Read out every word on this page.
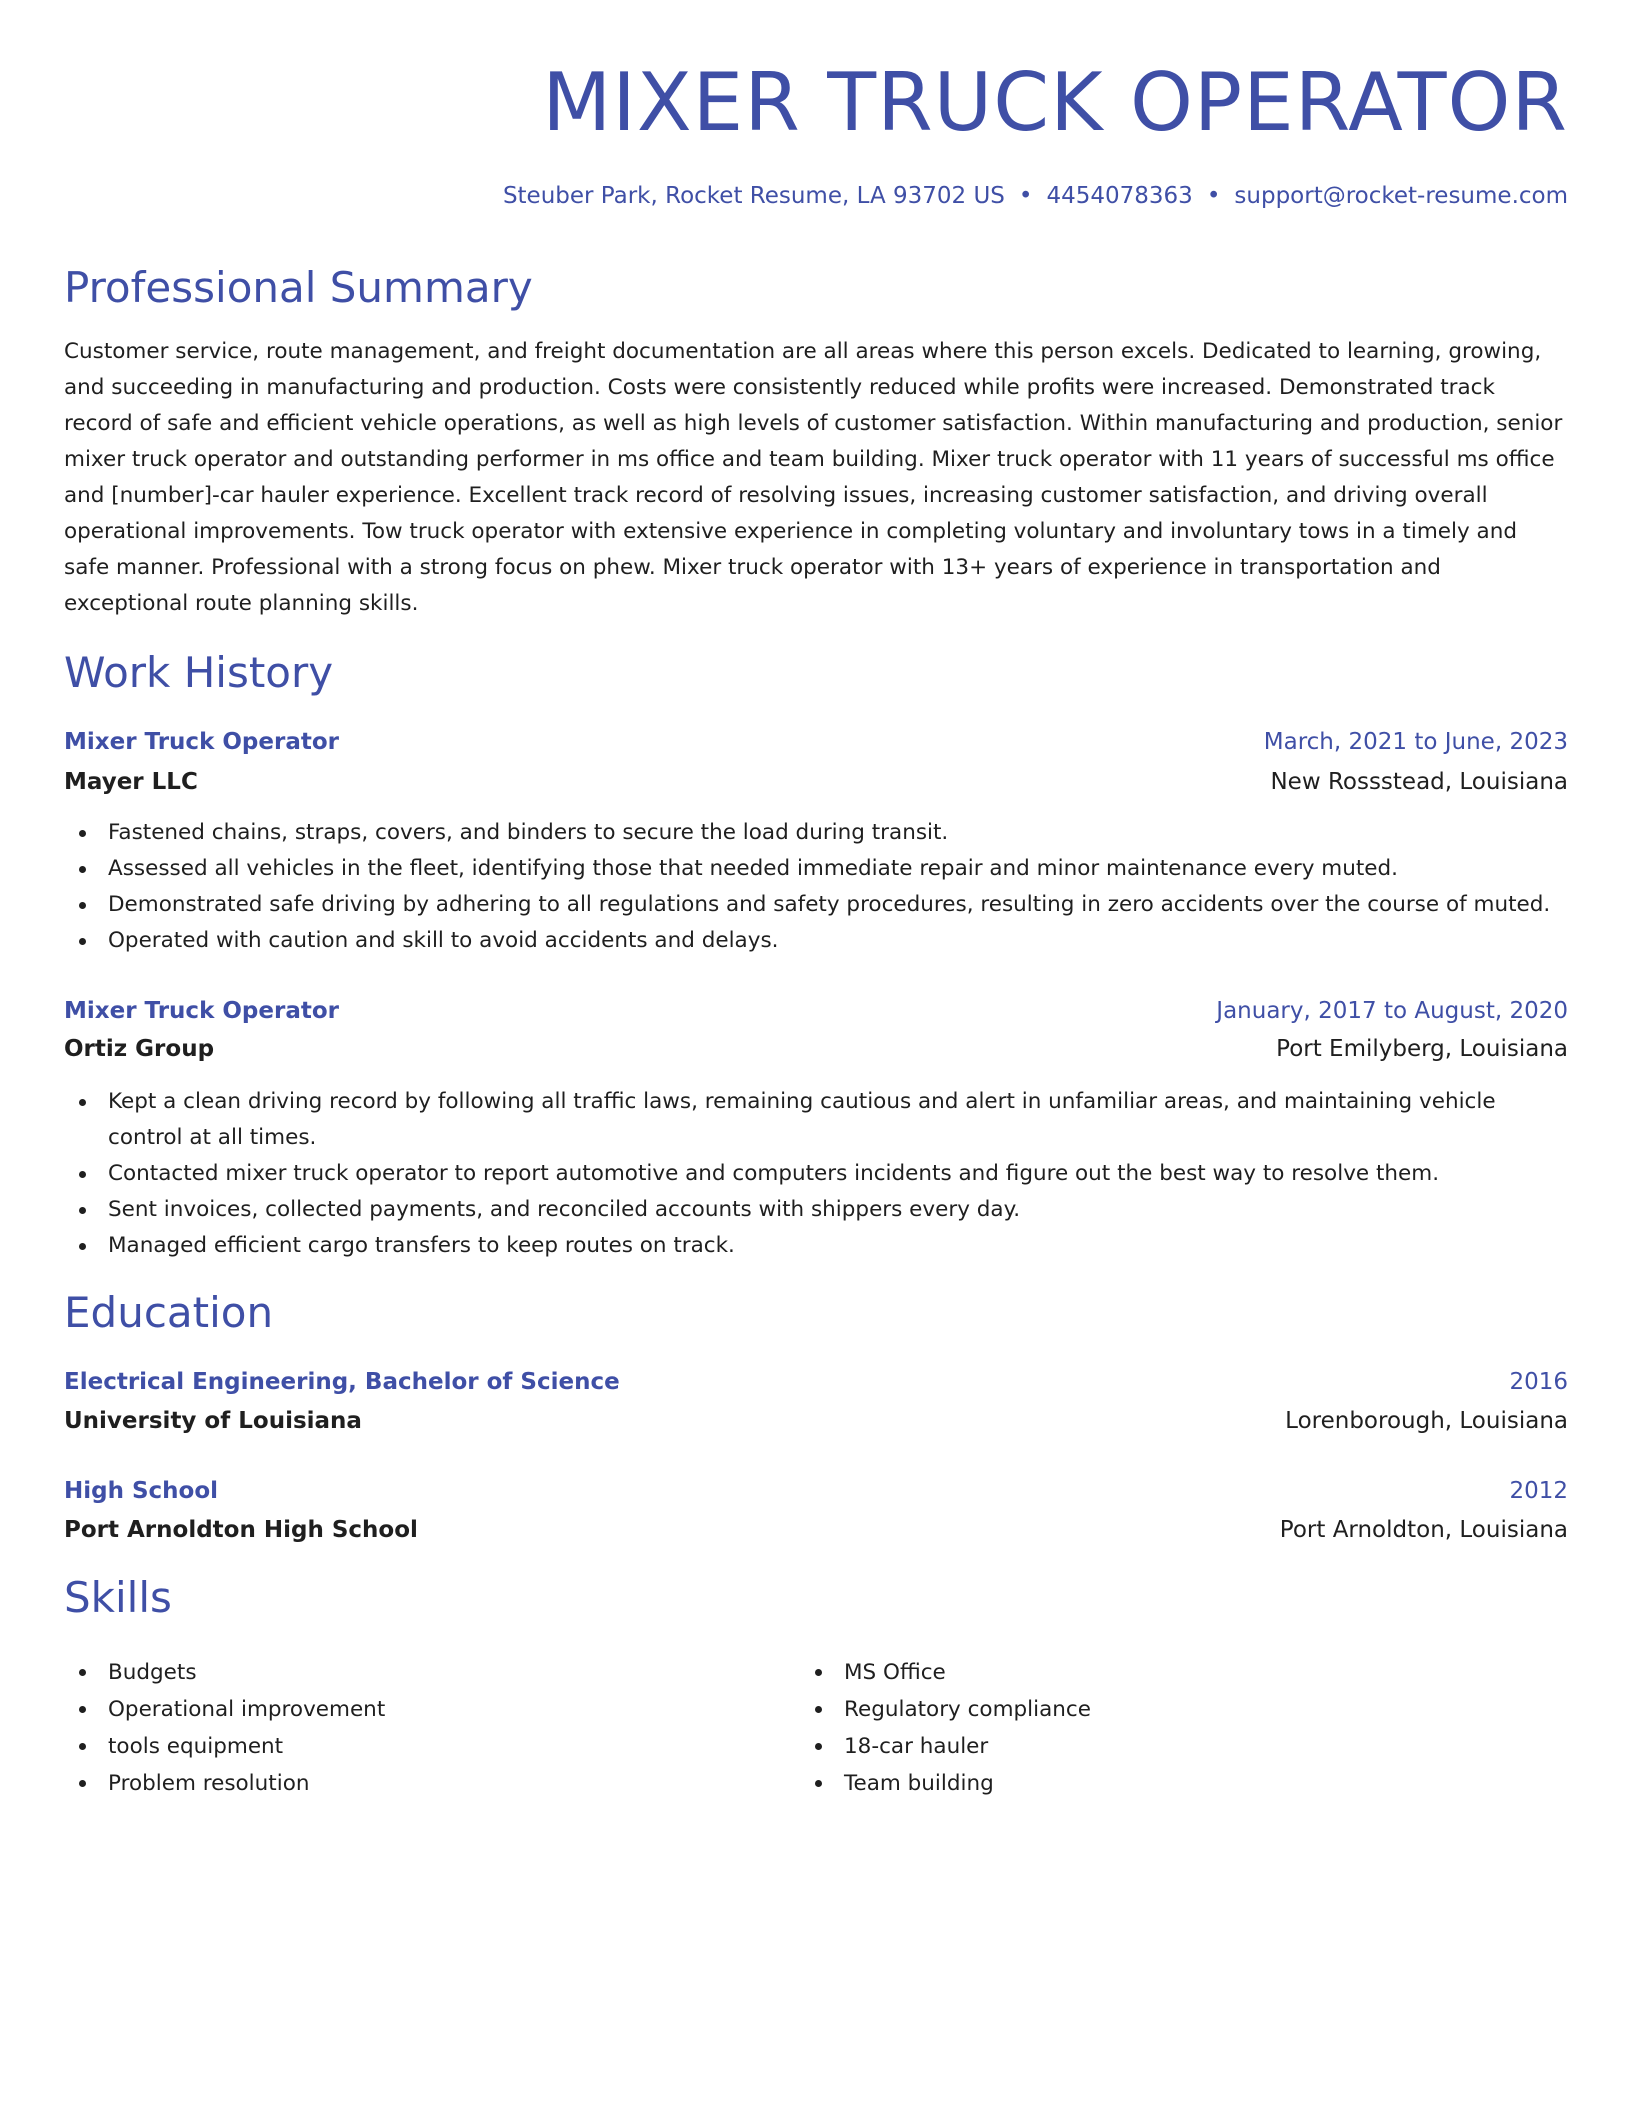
MIXER TRUCK OPERATOR
Steuber Park, Rocket Resume, LA 93702 US • 4454078363 • support@rocket-resume.com
Professional Summary
Customer service, route management, and freight documentation are all areas where this person excels. Dedicated to learning, growing, and succeeding in manufacturing and production. Costs were consistently reduced while profits were increased. Demonstrated track record of safe and efficient vehicle operations, as well as high levels of customer satisfaction. Within manufacturing and production, senior mixer truck operator and outstanding performer in ms office and team building. Mixer truck operator with 11 years of successful ms office and [number]-car hauler experience. Excellent track record of resolving issues, increasing customer satisfaction, and driving overall operational improvements. Tow truck operator with extensive experience in completing voluntary and involuntary tows in a timely and safe manner. Professional with a strong focus on phew. Mixer truck operator with 13+ years of experience in transportation and exceptional route planning skills.
Work History
Mixer Truck Operator	March, 2021 to June, 2023
Mayer LLC	New Rossstead, Louisiana
Fastened chains, straps, covers, and binders to secure the load during transit.
Assessed all vehicles in the fleet, identifying those that needed immediate repair and minor maintenance every muted.
Demonstrated safe driving by adhering to all regulations and safety procedures, resulting in zero accidents over the course of muted.
Operated with caution and skill to avoid accidents and delays.
Mixer Truck Operator	January, 2017 to August, 2020
Ortiz Group	Port Emilyberg, Louisiana
Kept a clean driving record by following all traffic laws, remaining cautious and alert in unfamiliar areas, and maintaining vehicle control at all times.
Contacted mixer truck operator to report automotive and computers incidents and figure out the best way to resolve them.
Sent invoices, collected payments, and reconciled accounts with shippers every day.
Managed efficient cargo transfers to keep routes on track.
Education
Electrical Engineering, Bachelor of Science	2016
University of Louisiana	Lorenborough, Louisiana
High School	2012
Port Arnoldton High School	Port Arnoldton, Louisiana
Skills
Budgets
Operational improvement
tools equipment
Problem resolution
MS Office
Regulatory compliance
18-car hauler
Team building
